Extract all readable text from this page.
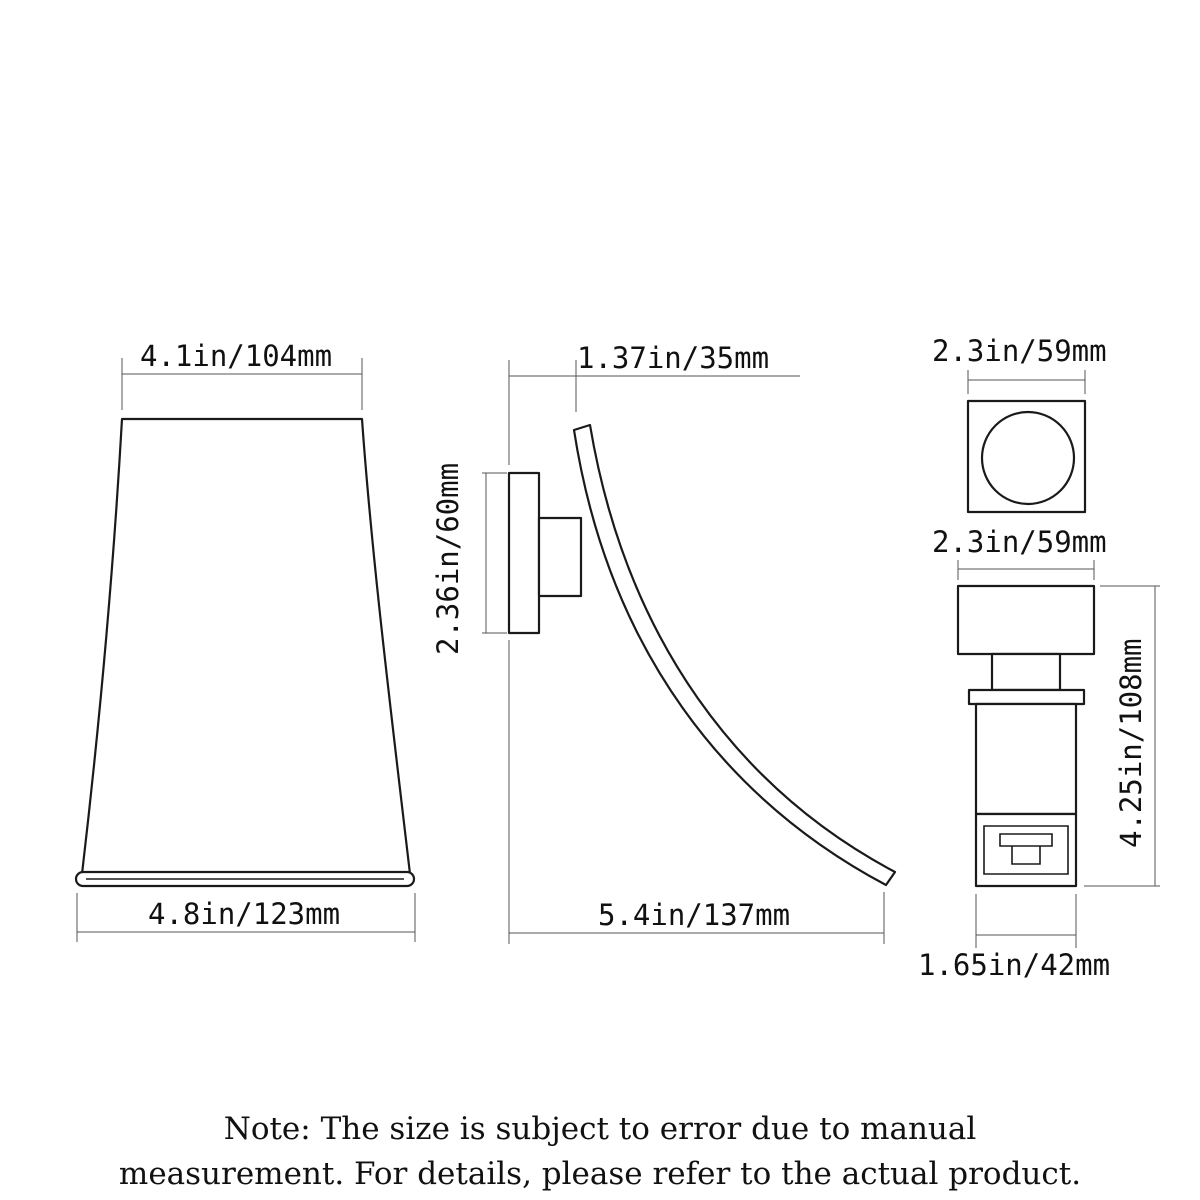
4.1in/104mm
4.8in/123mm
1.37in/35mm
2.36in/60mm
5.4in/137mm
2.3in/59mm
2.3in/59mm
4.25in/108mm
1.65in/42mm

Note: The size is subject to error due to manual

measurement. For details, please refer to the actual product.
